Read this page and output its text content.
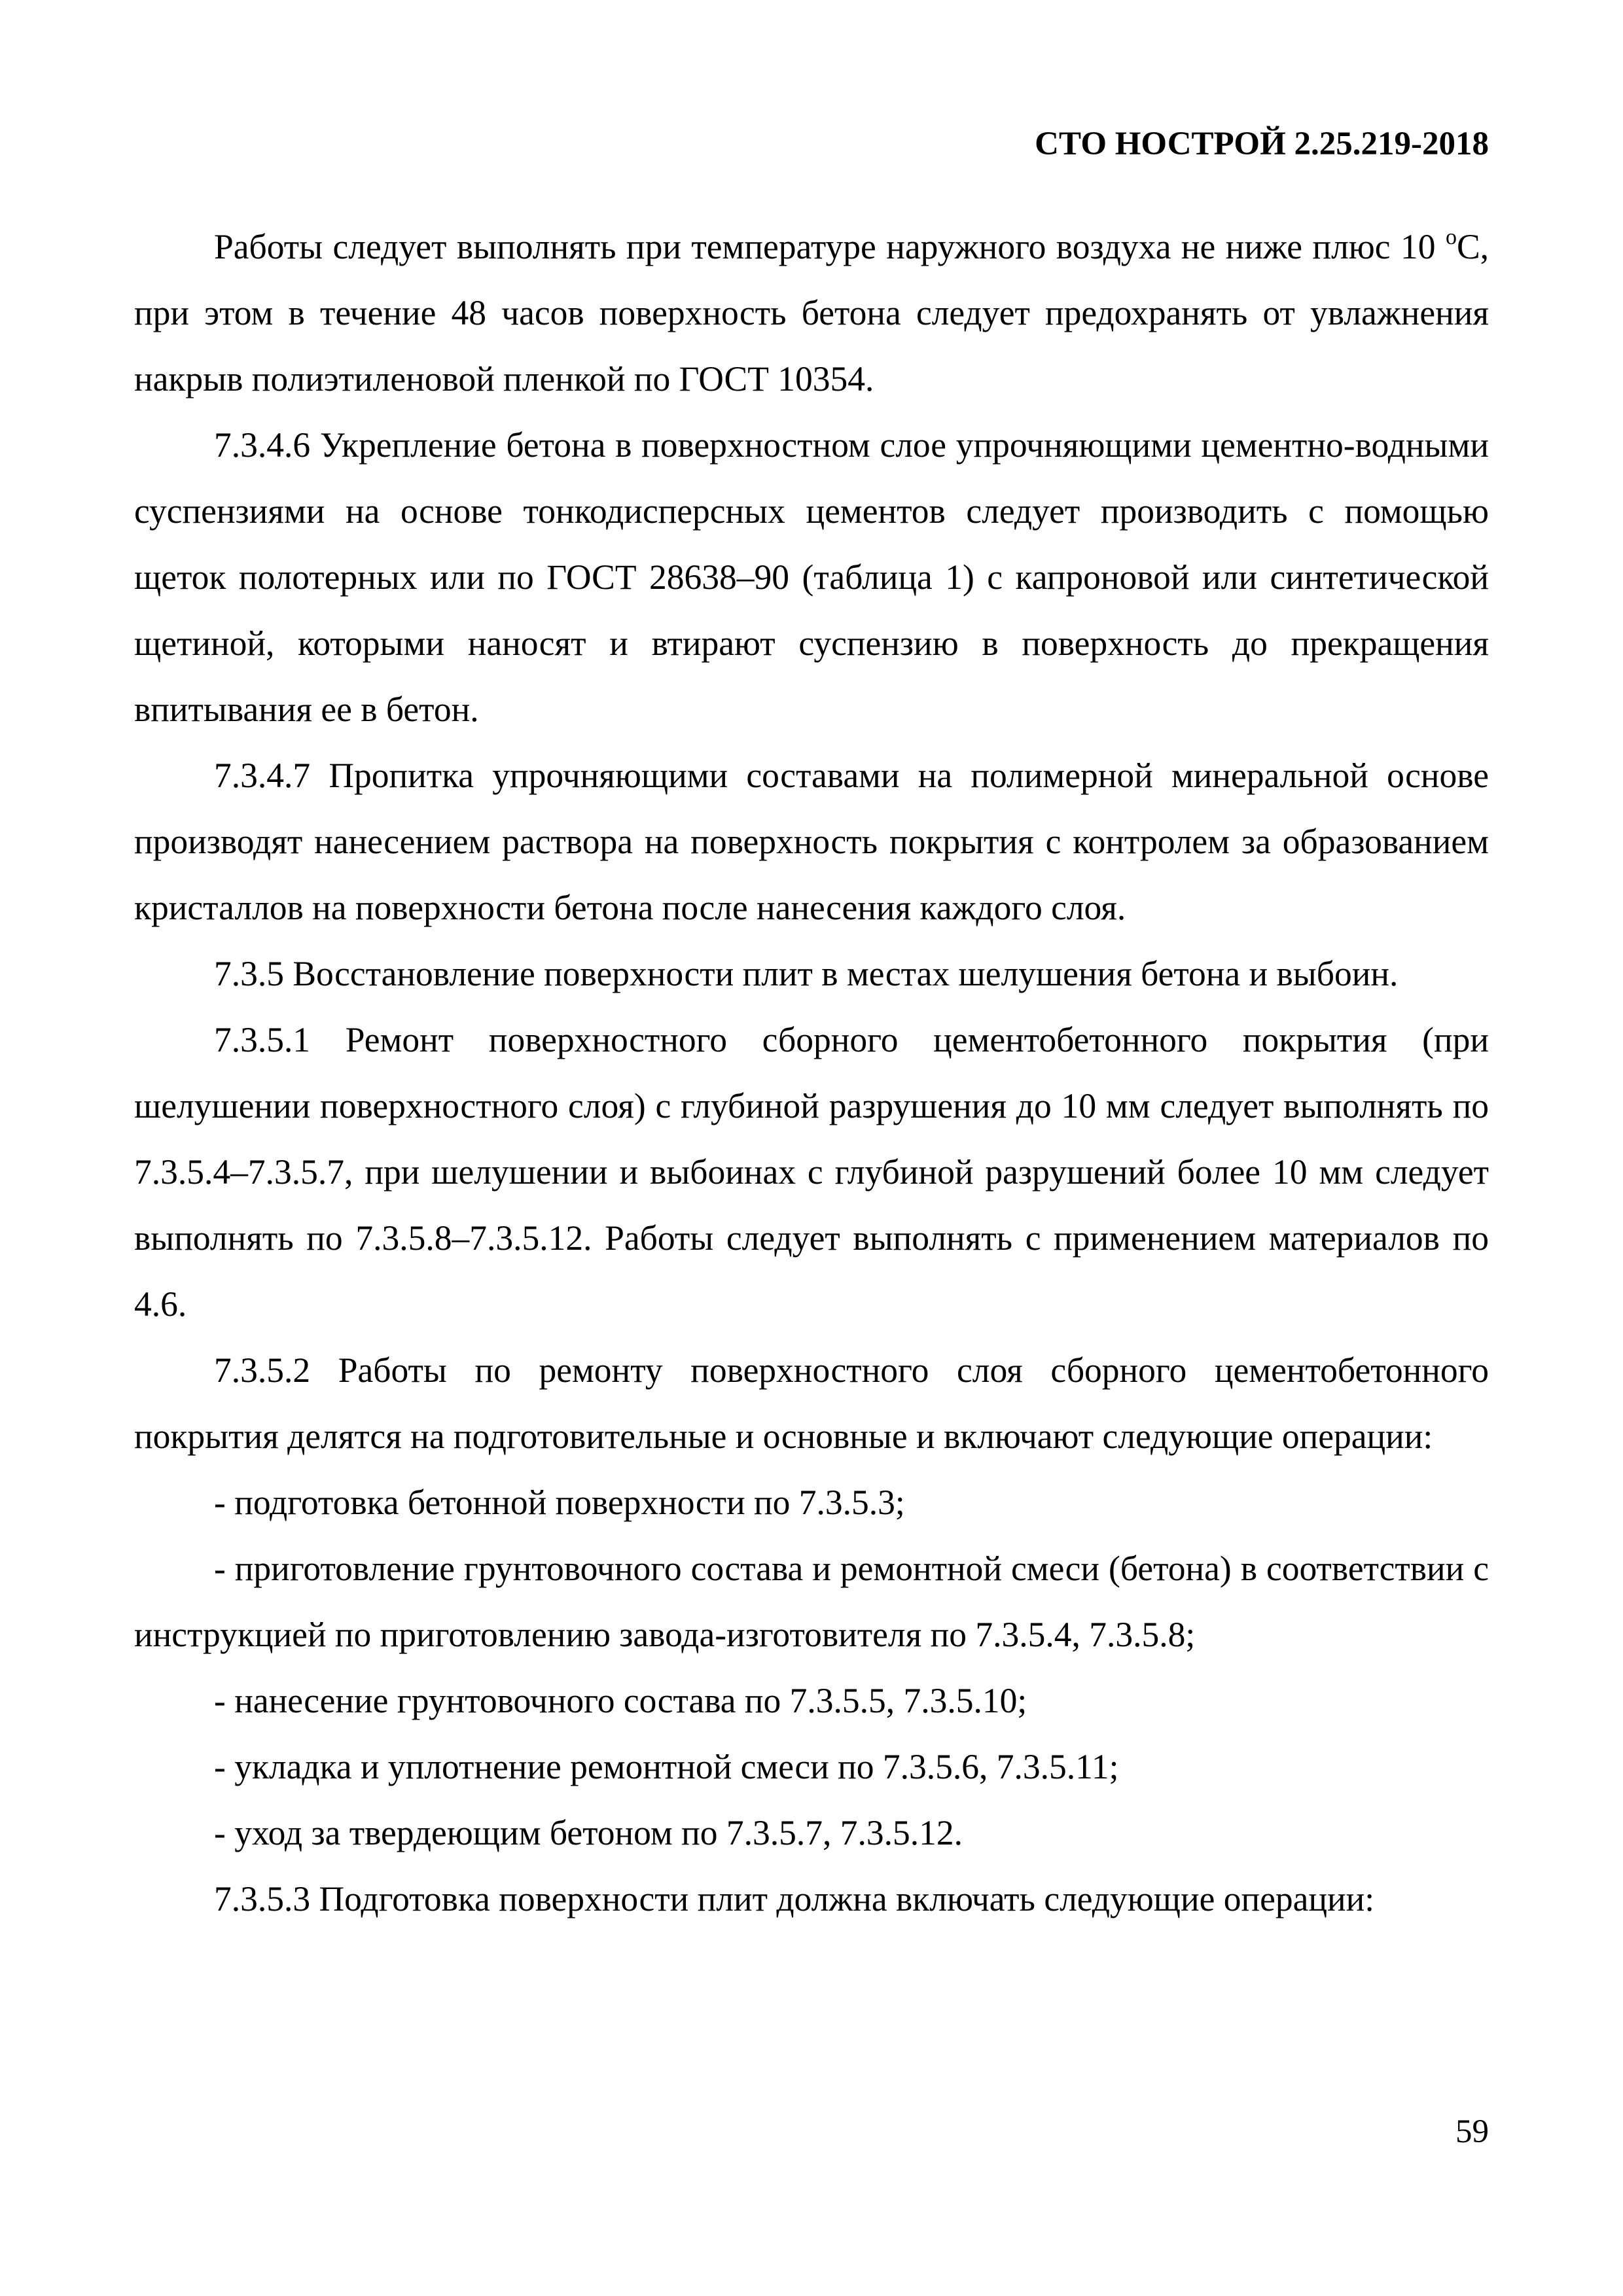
СТО НОСТРОЙ 2.25.219-2018

Работы следует выполнять при температуре наружного воздуха не ниже плюс 10 $^о$С, при этом в течение 48 часов поверхность бетона следует предохранять от увлажнения накрыв полиэтиленовой пленкой по ГОСТ 10354.

7.3.4.6 Укрепление бетона в поверхностном слое упрочняющими цементно-водными суспензиями на основе тонкодисперсных цементов следует производить с помощью щеток полотерных или по ГОСТ 28638–90 (таблица 1) с капроновой или синтетической щетиной, которыми наносят и втирают суспензию в поверхность до прекращения впитывания ее в бетон.

7.3.4.7 Пропитка упрочняющими составами на полимерной минеральной основе производят нанесением раствора на поверхность покрытия с контролем за образованием кристаллов на поверхности бетона после нанесения каждого слоя.

7.3.5 Восстановление поверхности плит в местах шелушения бетона и выбоин.

7.3.5.1 Ремонт поверхностного сборного цементобетонного покрытия (при шелушении поверхностного слоя) с глубиной разрушения до 10 мм следует выполнять по 7.3.5.4–7.3.5.7, при шелушении и выбоинах с глубиной разрушений более 10 мм следует выполнять по 7.3.5.8–7.3.5.12. Работы следует выполнять с применением материалов по 4.6.

7.3.5.2 Работы по ремонту поверхностного слоя сборного цементобетонного покрытия делятся на подготовительные и основные и включают следующие операции:

- подготовка бетонной поверхности по 7.3.5.3;

- приготовление грунтовочного состава и ремонтной смеси (бетона) в соответствии с инструкцией по приготовлению завода-изготовителя по 7.3.5.4, 7.3.5.8;

- нанесение грунтовочного состава по 7.3.5.5, 7.3.5.10;

- укладка и уплотнение ремонтной смеси по 7.3.5.6, 7.3.5.11;

- уход за твердеющим бетоном по 7.3.5.7, 7.3.5.12.

7.3.5.3 Подготовка поверхности плит должна включать следующие операции:

59
